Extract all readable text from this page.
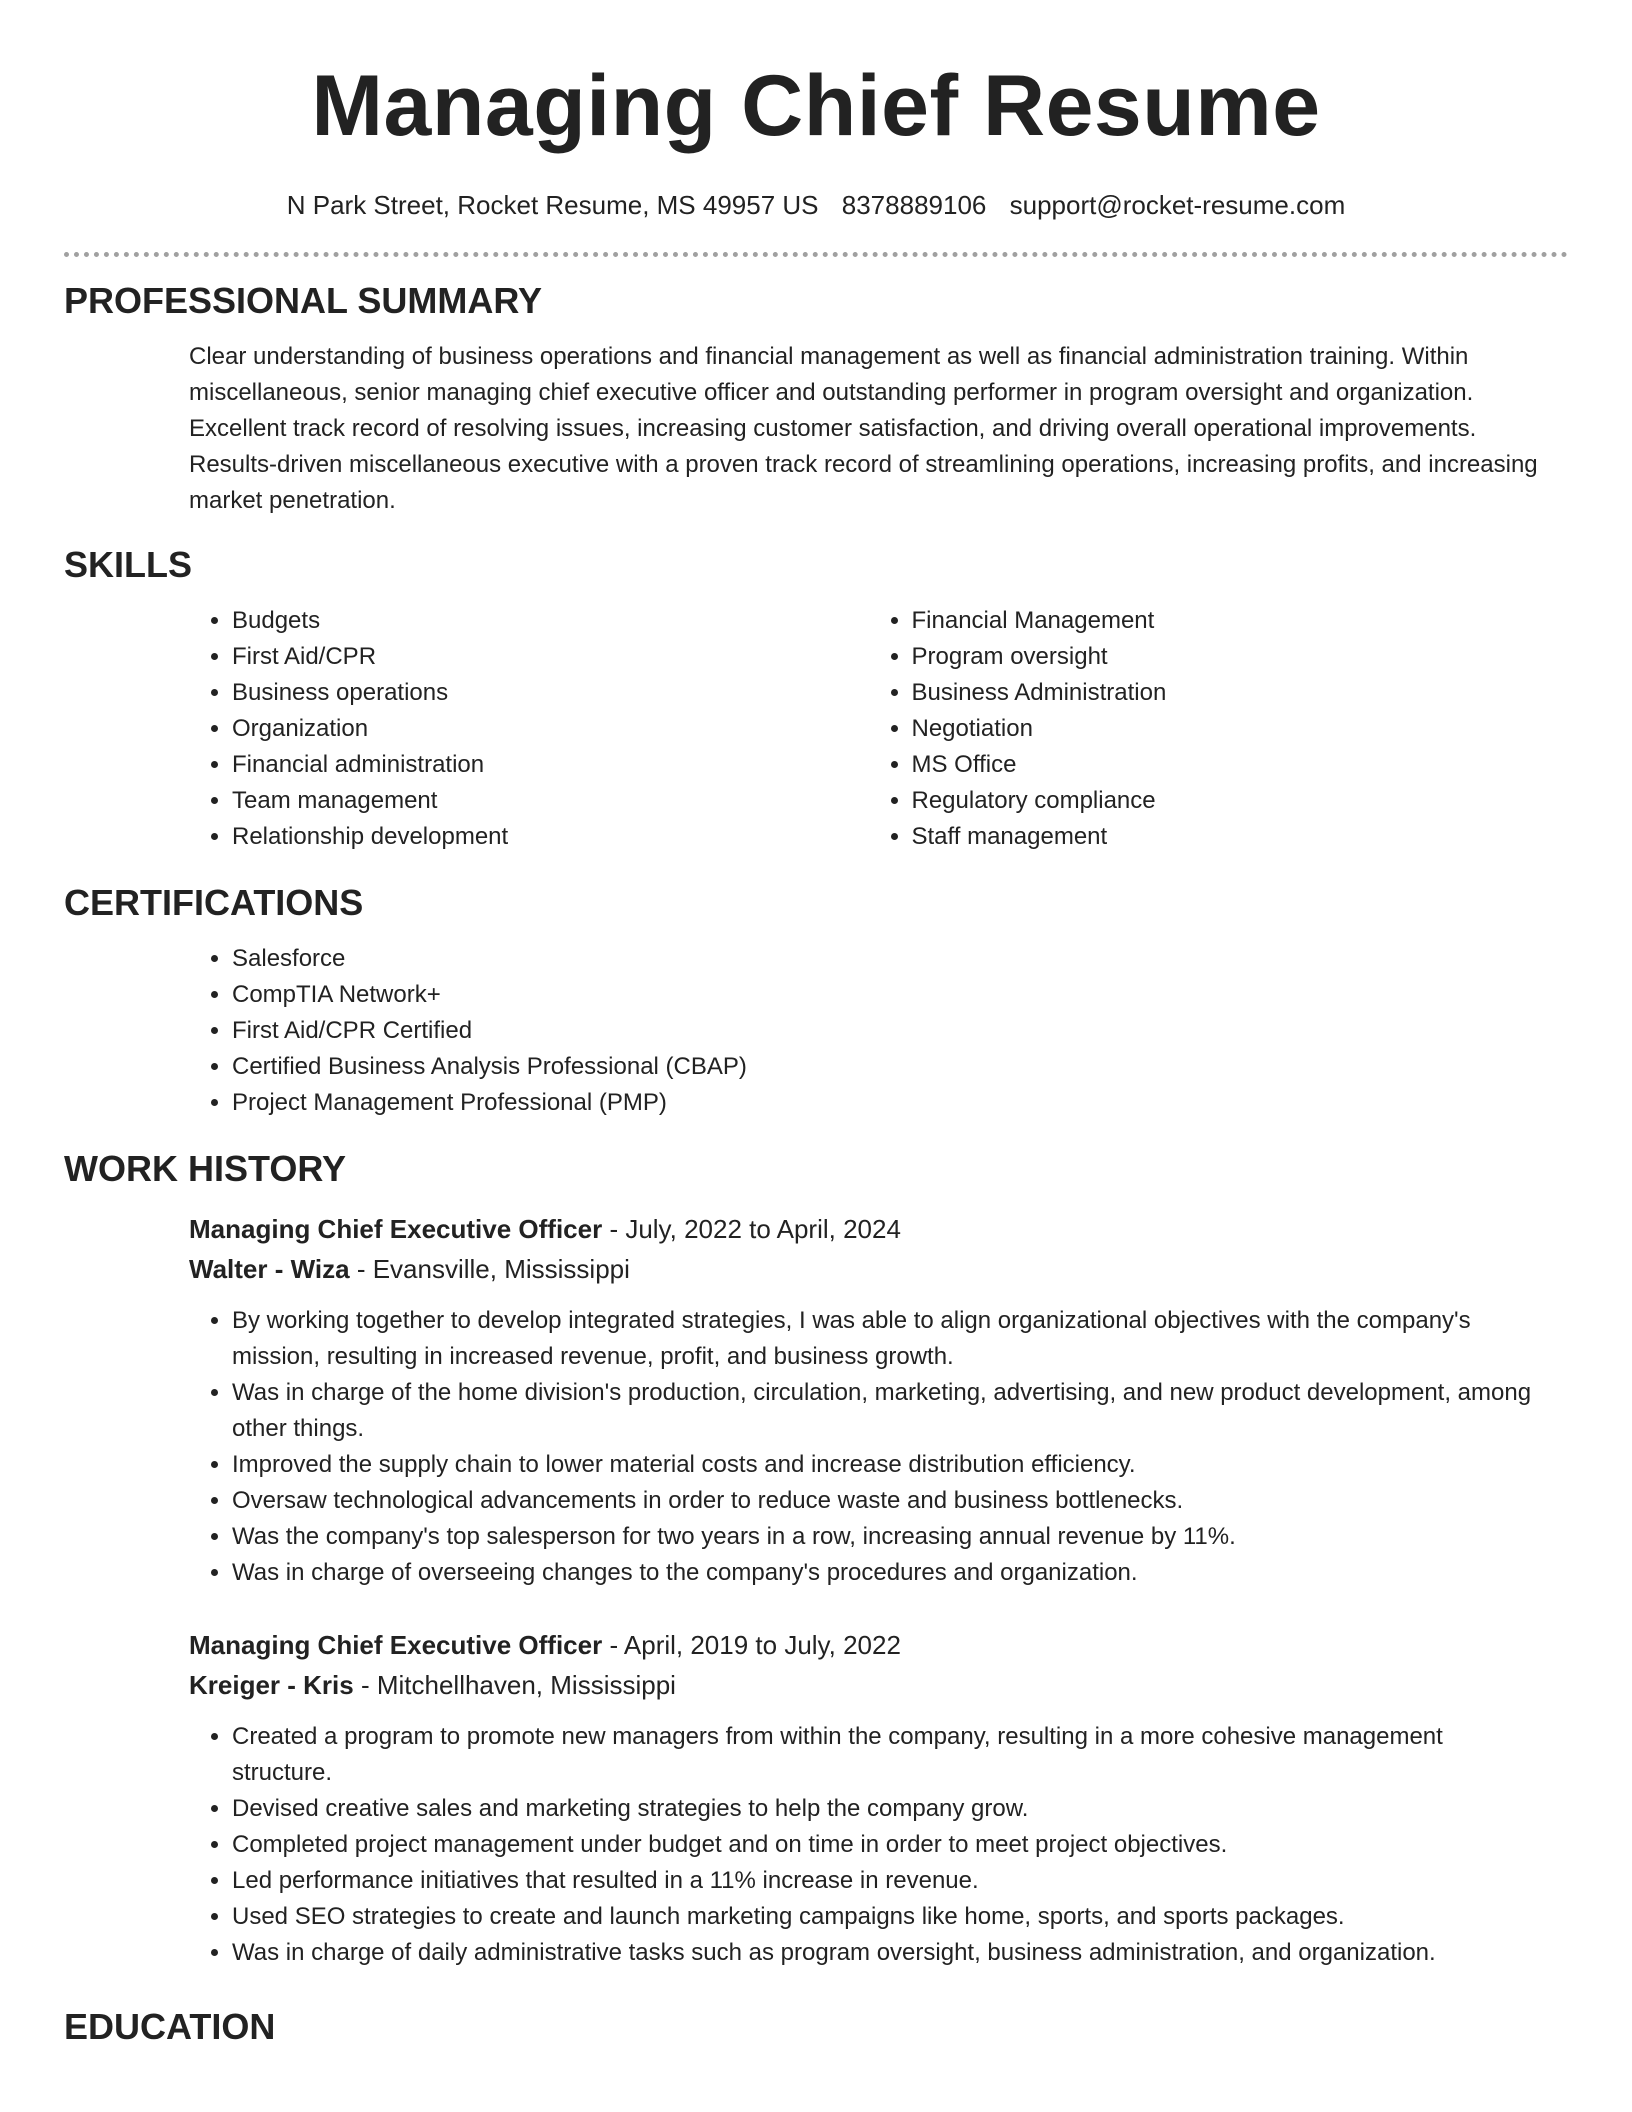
Managing Chief Resume
N Park Street, Rocket Resume, MS 49957 US 8378889106 support@rocket-resume.com
PROFESSIONAL SUMMARY

Clear understanding of business operations and financial management as well as financial administration training. Within miscellaneous, senior managing chief executive officer and outstanding performer in program oversight and organization. Excellent track record of resolving issues, increasing customer satisfaction, and driving overall operational improvements. Results-driven miscellaneous executive with a proven track record of streamlining operations, increasing profits, and increasing market penetration.

SKILLS
• Budgets
• First Aid/CPR
• Business operations
• Organization
• Financial administration
• Team management
• Relationship development
• Financial Management
• Program oversight
• Business Administration
• Negotiation
• MS Office
• Regulatory compliance
• Staff management
CERTIFICATIONS
• Salesforce
• CompTIA Network+
• First Aid/CPR Certified
• Certified Business Analysis Professional (CBAP)
• Project Management Professional (PMP)
WORK HISTORY
Managing Chief Executive Officer - July, 2022 to April, 2024
Walter - Wiza - Evansville, Mississippi
• By working together to develop integrated strategies, I was able to align organizational objectives with the company's mission, resulting in increased revenue, profit, and business growth.
• Was in charge of the home division's production, circulation, marketing, advertising, and new product development, among other things.
• Improved the supply chain to lower material costs and increase distribution efficiency.
• Oversaw technological advancements in order to reduce waste and business bottlenecks.
• Was the company's top salesperson for two years in a row, increasing annual revenue by 11%.
• Was in charge of overseeing changes to the company's procedures and organization.
Managing Chief Executive Officer - April, 2019 to July, 2022
Kreiger - Kris - Mitchellhaven, Mississippi
• Created a program to promote new managers from within the company, resulting in a more cohesive management structure.
• Devised creative sales and marketing strategies to help the company grow.
• Completed project management under budget and on time in order to meet project objectives.
• Led performance initiatives that resulted in a 11% increase in revenue.
• Used SEO strategies to create and launch marketing campaigns like home, sports, and sports packages.
• Was in charge of daily administrative tasks such as program oversight, business administration, and organization.
EDUCATION
